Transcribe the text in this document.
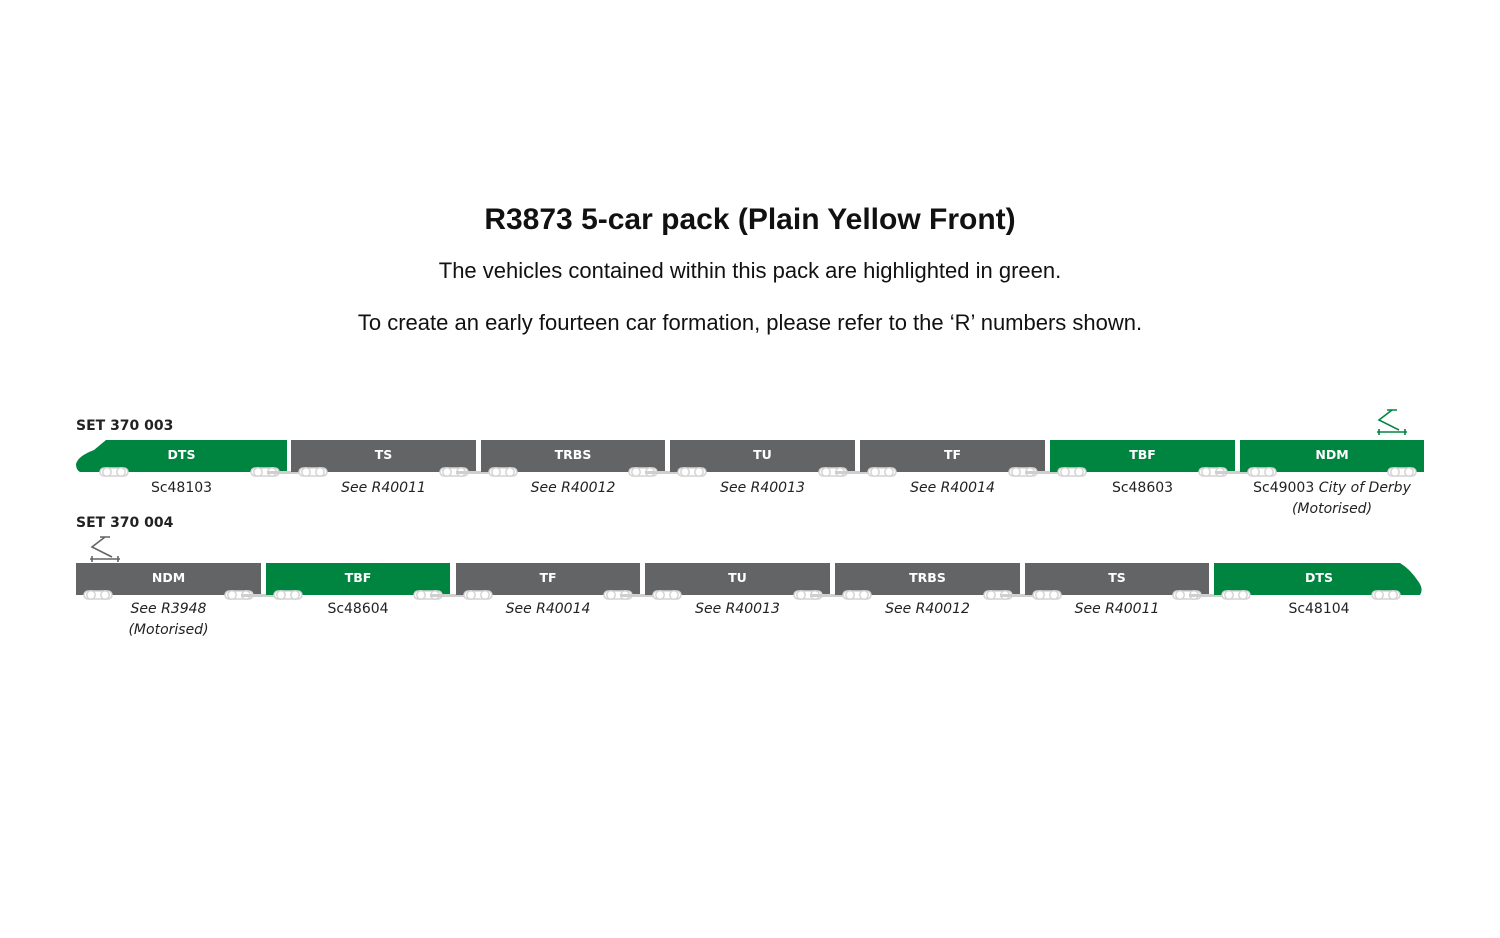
R3873 5-car pack (Plain Yellow Front)
The vehicles contained within this pack are highlighted in green.
To create an early fourteen car formation, please refer to the ‘R’ numbers shown.
SET 370 003
DTS
Sc48103
TS
See R40011
TRBS
See R40012
TU
See R40013
TF
See R40014
TBF
Sc48603
NDM
Sc49003 City of Derby
(Motorised)
SET 370 004
NDM
See R3948
(Motorised)
TBF
Sc48604
TF
See R40014
TU
See R40013
TRBS
See R40012
TS
See R40011
DTS
Sc48104
